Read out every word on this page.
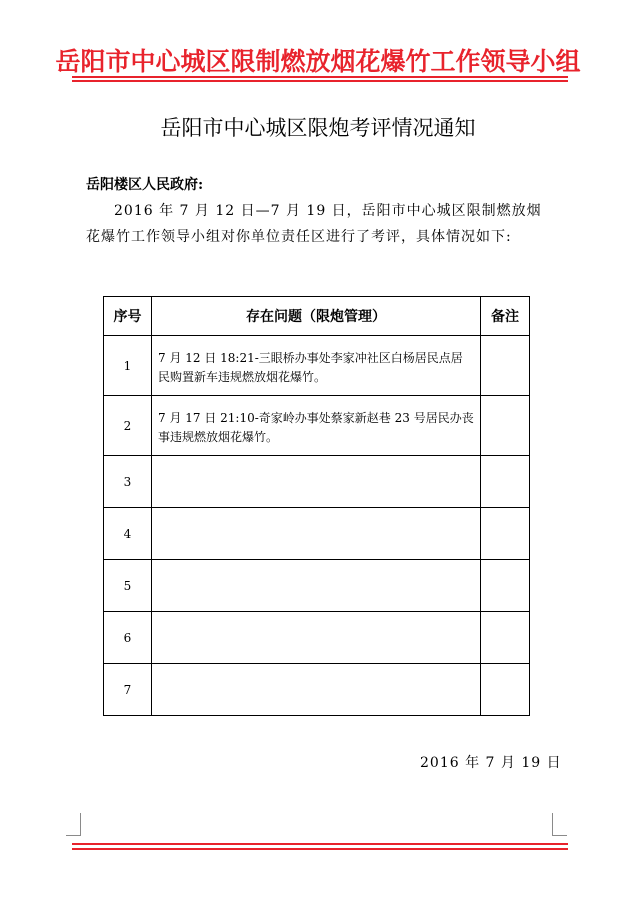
岳阳市中心城区限制燃放烟花爆竹工作领导小组
岳阳市中心城区限炮考评情况通知
岳阳楼区人民政府:
2016 年 7 月 12 日—7 月 19 日，岳阳市中心城区限制燃放烟花爆竹工作领导小组对你单位责任区进行了考评，具体情况如下:
序号	存在问题（限炮管理）	备注
1	7 月 12 日 18:21-三眼桥办事处李家冲社区白杨居民点居民购置新车违规燃放烟花爆竹。	

2	7 月 17 日 21:10-奇家岭办事处蔡家新赵巷 23 号居民办丧事违规燃放烟花爆竹。	

3		
4		
5		
6		
7		
2016 年 7 月 19 日
